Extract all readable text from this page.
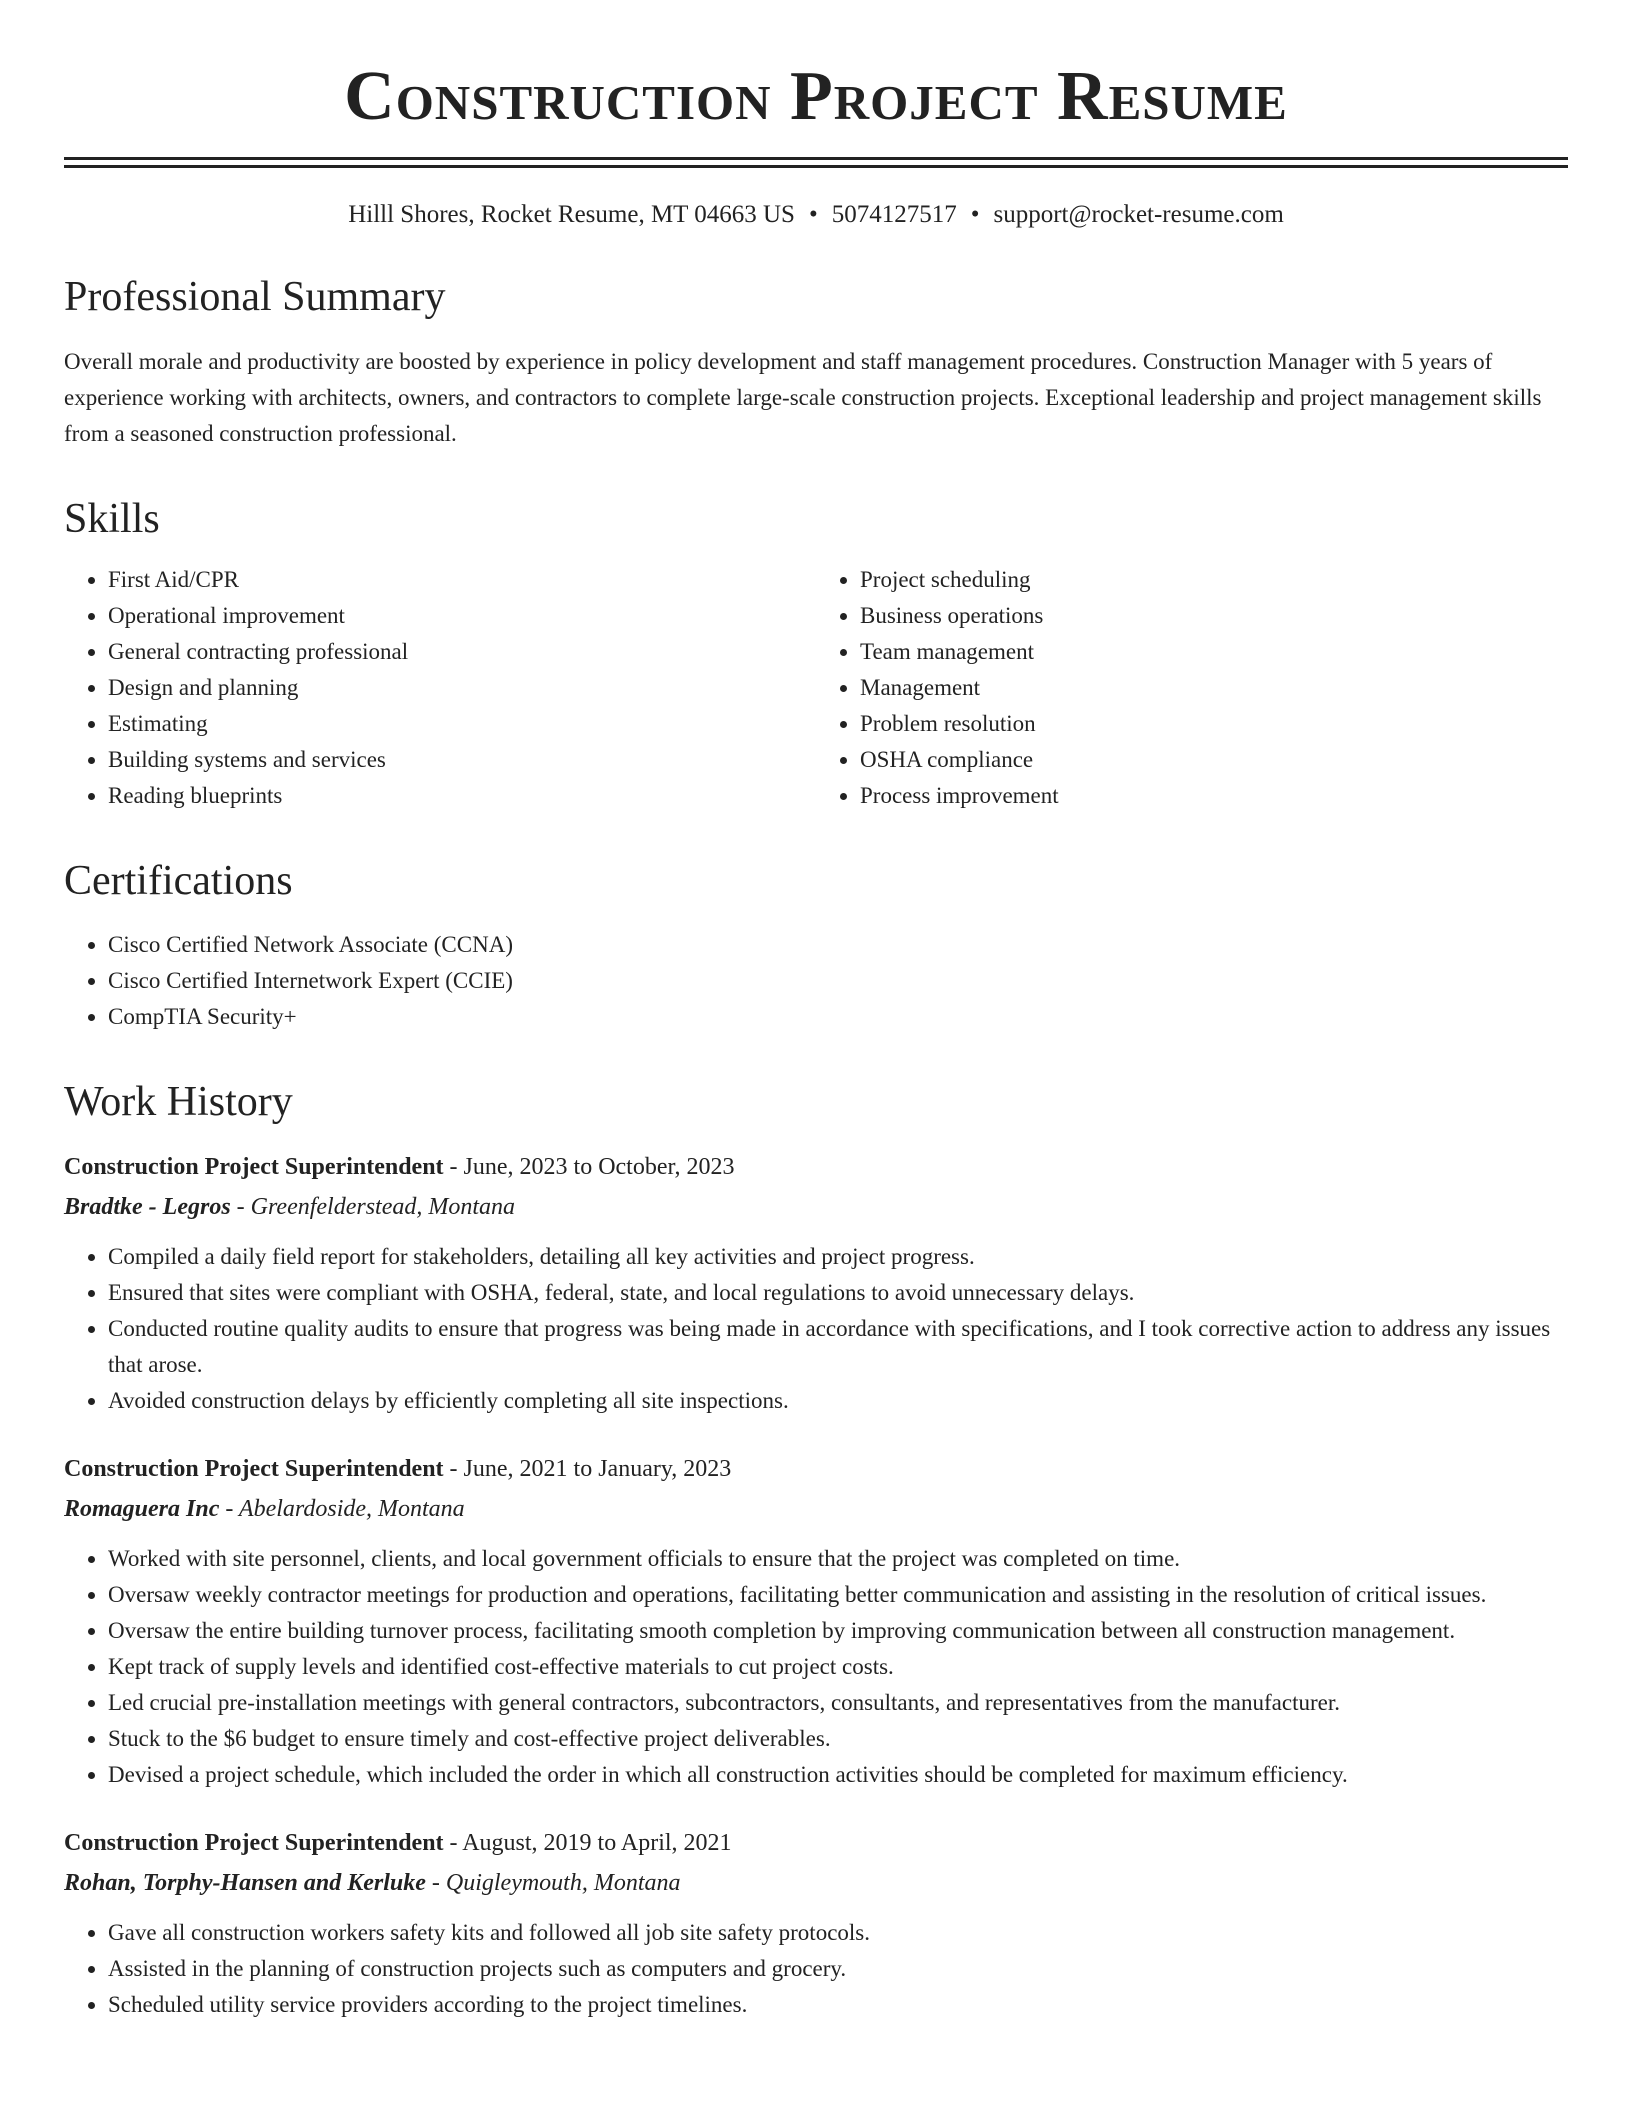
Construction Project Resume
Hilll Shores, Rocket Resume, MT 04663 US • 5074127517 • support@rocket-resume.com
Professional Summary

Overall morale and productivity are boosted by experience in policy development and staff management procedures. Construction Manager with 5 years of experience working with architects, owners, and contractors to complete large-scale construction projects. Exceptional leadership and project management skills from a seasoned construction professional.

Skills
• First Aid/CPR
• Operational improvement
• General contracting professional
• Design and planning
• Estimating
• Building systems and services
• Reading blueprints
• Project scheduling
• Business operations
• Team management
• Management
• Problem resolution
• OSHA compliance
• Process improvement
Certifications
• Cisco Certified Network Associate (CCNA)
• Cisco Certified Internetwork Expert (CCIE)
• CompTIA Security+
Work History
Construction Project Superintendent - June, 2023 to October, 2023
Bradtke - Legros - Greenfelderstead, Montana
• Compiled a daily field report for stakeholders, detailing all key activities and project progress.
• Ensured that sites were compliant with OSHA, federal, state, and local regulations to avoid unnecessary delays.
• Conducted routine quality audits to ensure that progress was being made in accordance with specifications, and I took corrective action to address any issues that arose.
• Avoided construction delays by efficiently completing all site inspections.
Construction Project Superintendent - June, 2021 to January, 2023
Romaguera Inc - Abelardoside, Montana
• Worked with site personnel, clients, and local government officials to ensure that the project was completed on time.
• Oversaw weekly contractor meetings for production and operations, facilitating better communication and assisting in the resolution of critical issues.
• Oversaw the entire building turnover process, facilitating smooth completion by improving communication between all construction management.
• Kept track of supply levels and identified cost-effective materials to cut project costs.
• Led crucial pre-installation meetings with general contractors, subcontractors, consultants, and representatives from the manufacturer.
• Stuck to the $6 budget to ensure timely and cost-effective project deliverables.
• Devised a project schedule, which included the order in which all construction activities should be completed for maximum efficiency.
Construction Project Superintendent - August, 2019 to April, 2021
Rohan, Torphy-Hansen and Kerluke - Quigleymouth, Montana
• Gave all construction workers safety kits and followed all job site safety protocols.
• Assisted in the planning of construction projects such as computers and grocery.
• Scheduled utility service providers according to the project timelines.
